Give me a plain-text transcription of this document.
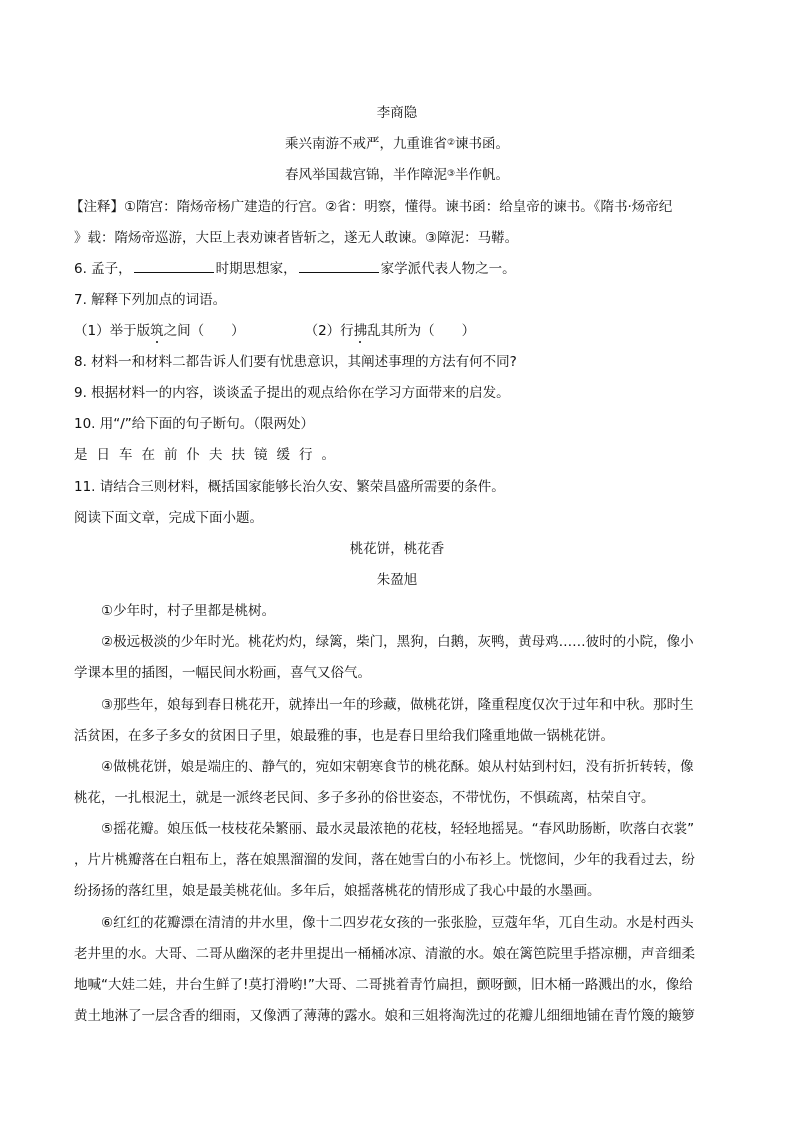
李商隐
乘兴南游不戒严，九重谁省②谏书函。
春风举国裁宫锦，半作障泥③半作帆。
【注释】①隋宫：隋炀帝杨广建造的行宫。②省：明察，懂得。谏书函：给皇帝的谏书。《隋书·炀帝纪
》载：隋炀帝巡游，大臣上表劝谏者皆斩之，遂无人敢谏。③障泥：马鞯。
6. 孟子，	时期思想家，	家学派代表人物之一。
7. 解释下列加点的词语。
（1）举于版筑之间（　　）	（2）行拂乱其所为（　　）
8. 材料一和材料二都告诉人们要有忧患意识，其阐述事理的方法有何不同?
9. 根据材料一的内容，谈谈孟子提出的观点给你在学习方面带来的启发。
10. 用“/”给下面的句子断句。（限两处）
是日车在前仆夫扶镜缓行。
11. 请结合三则材料，概括国家能够长治久安、繁荣昌盛所需要的条件。
阅读下面文章，完成下面小题。
桃花饼，桃花香
朱盈旭
①少年时，村子里都是桃树。
②极远极淡的少年时光。桃花灼灼，绿篱，柴门，黑狗，白鹅，灰鸭，黄母鸡……彼时的小院，像小
学课本里的插图，一幅民间水粉画，喜气又俗气。
③那些年，娘每到春日桃花开，就捧出一年的珍藏，做桃花饼，隆重程度仅次于过年和中秋。那时生
活贫困，在多子多女的贫困日子里，娘最雅的事，也是春日里给我们隆重地做一锅桃花饼。
④做桃花饼，娘是端庄的、静气的，宛如宋朝寒食节的桃花酥。娘从村姑到村妇，没有折折转转，像
桃花，一扎根泥土，就是一派终老民间、多子多孙的俗世姿态，不带忧伤，不惧疏离，枯荣自守。
⑤摇花瓣。娘压低一枝枝花朵繁丽、最水灵最浓艳的花枝，轻轻地摇晃。“春风助肠断，吹落白衣裳”
，片片桃瓣落在白粗布上，落在娘黑溜溜的发间，落在她雪白的小布衫上。恍惚间，少年的我看过去，纷
纷扬扬的落红里，娘是最美桃花仙。多年后，娘摇落桃花的情形成了我心中最的水墨画。
⑥红红的花瓣漂在清清的井水里，像十二四岁花女孩的一张张脸，豆蔻年华，兀自生动。水是村西头
老井里的水。大哥、二哥从幽深的老井里提出一桶桶冰凉、清澈的水。娘在篱笆院里手搭凉棚，声音细柔
地喊“大娃二娃，井台生鲜了!莫打滑哟!”大哥、二哥挑着青竹扁担，颤呀颤，旧木桶一路溅出的水，像给
黄土地淋了一层含香的细雨，又像洒了薄薄的露水。娘和三姐将淘洗过的花瓣儿细细地铺在青竹篾的簸箩
